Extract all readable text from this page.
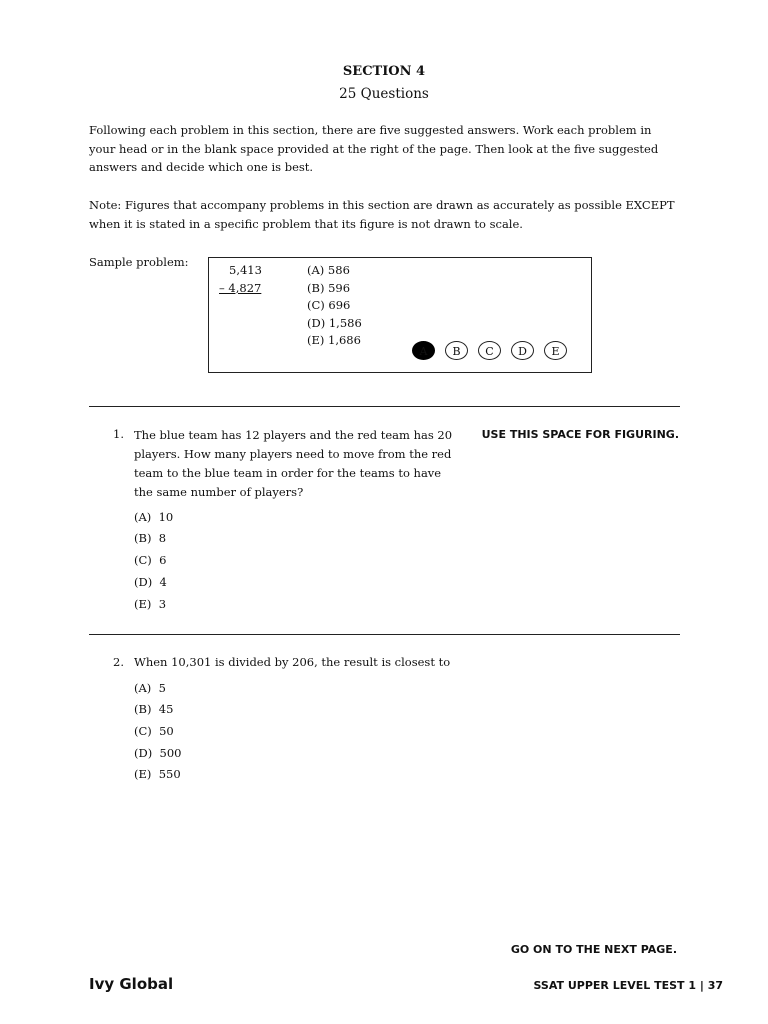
SECTION 4
25 Questions
Following each problem in this section, there are five suggested answers. Work each problem in your head or in the blank space provided at the right of the page. Then look at the five suggested answers and decide which one is best.
Note: Figures that accompany problems in this section are drawn as accurately as possible EXCEPT when it is stated in a specific problem that its figure is not drawn to scale.
Sample problem:
5,413
– 4,827
(A) 586
(B) 596
(C) 696
(D) 1,586
(E) 1,686
A	B	C	D	E
USE THIS SPACE FOR FIGURING.
1. The blue team has 12 players and the red team has 20
players. How many players need to move from the red
team to the blue team in order for the teams to have
the same number of players?
(A) 10
(B) 8
(C) 6
(D) 4
(E) 3
2. When 10,301 is divided by 206, the result is closest to
(A) 5
(B) 45
(C) 50
(D) 500
(E) 550
GO ON TO THE NEXT PAGE.
Ivy Global	SSAT UPPER LEVEL TEST 1 | 37
